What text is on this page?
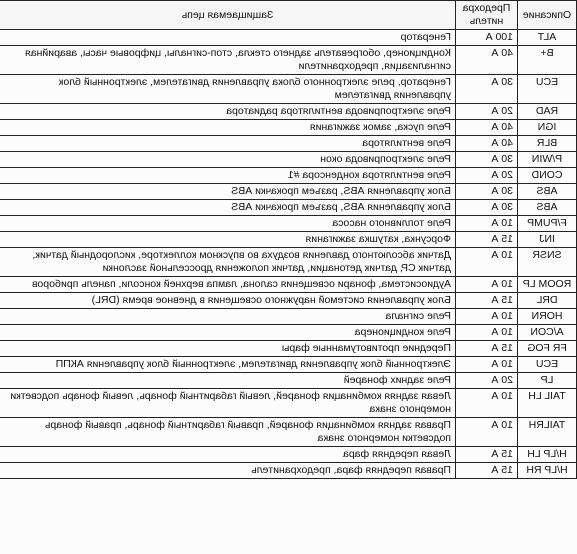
Описание	Предохранитель	Защищаемая цепь
ALT	100 А	Генератор
B+	40 А	Кондиционер, обогреватель заднего стекла, стоп-сигналы, цифровые часы, аварийная сигнализация, предохранители
ECU	30 А	Генератор, реле электронного блока управления двигателем, электронный блок управления двигателем
RAD	20 А	Реле электропривода вентилятора радиатора
IGN	40 А	Реле пуска, замок зажигания
BLR	40 А	Реле вентилятора
P/WIN	30 А	Реле электропривода окон
COND	20 А	Реле вентилятора конденсора #1
ABS	30 А	Блок управления ABS, разъем прокачки ABS
ABS	30 А	Блок управления ABS, разъем прокачки ABS
F/PUMP	10 А	Реле топливного насоса
INJ	15 А	Форсунка, катушка зажигания
SNSR	10 А	Датчик абсолютного давления воздуха во впускном коллекторе, кислородный датчик, датчик СР, датчик детонации, датчик положения дроссельной заслонки
ROOM LP	10 А	Аудиосистема, фонари освещения салона, лампа верхней консоли, панель приборов
DRL	15 А	Блок управления системой наружного освещения в дневное время (DRL)
HORN	10 А	Реле сигнала
A/CON	10 А	Реле кондиционера
FR FOG	15 А	Передние противотуманные фары
ECU	10 А	Электронный блок управления двигателем, электронный блок управления АКПП
LP	20 А	Реле задних фонарей
TAIL LH	10 А	Левая задняя комбинация фонарей, левый габаритный фонарь, левый фонарь подсветки номерного знака
TAILRH	10 А	Правая задняя комбинация фонарей, правый габаритный фонарь, правый фонарь подсветки номерного знака
H/LP LH	15 А	Левая передняя фара
H/LP RH	15 А	Правая передняя фара, предохранитель
